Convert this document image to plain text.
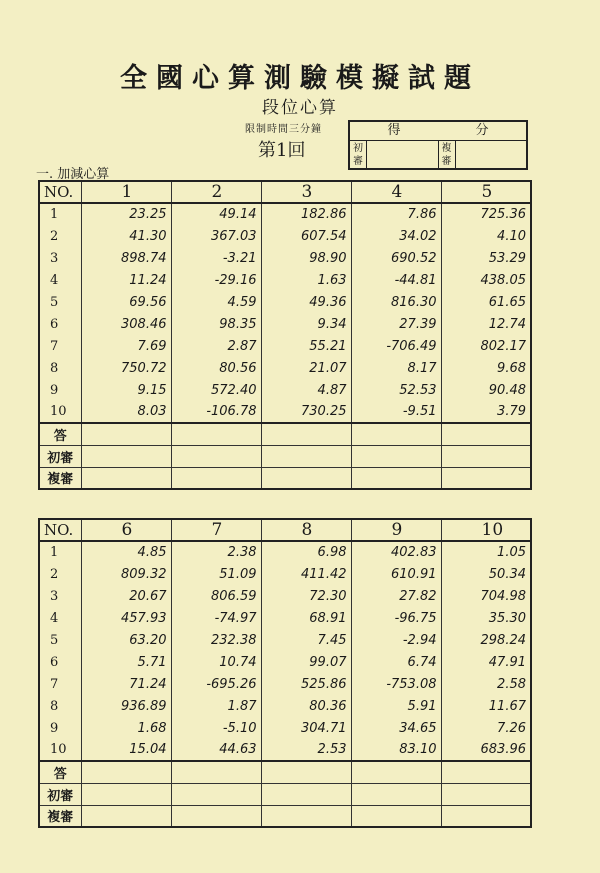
全國心算測驗模擬試題
段位心算
限制時間三分鐘
第1回
得	分
初審
複審
一. 加減心算
NO.	1	2	3	4	5
1	23.25	49.14	182.86	7.86	725.36
2	41.30	367.03	607.54	34.02	4.10
3	898.74	-3.21	98.90	690.52	53.29
4	11.24	-29.16	1.63	-44.81	438.05
5	69.56	4.59	49.36	816.30	61.65
6	308.46	98.35	9.34	27.39	12.74
7	7.69	2.87	55.21	-706.49	802.17
8	750.72	80.56	21.07	8.17	9.68
9	9.15	572.40	4.87	52.53	90.48
10	8.03	-106.78	730.25	-9.51	3.79
答					
初審					
複審					
NO.	6	7	8	9	10
1	4.85	2.38	6.98	402.83	1.05
2	809.32	51.09	411.42	610.91	50.34
3	20.67	806.59	72.30	27.82	704.98
4	457.93	-74.97	68.91	-96.75	35.30
5	63.20	232.38	7.45	-2.94	298.24
6	5.71	10.74	99.07	6.74	47.91
7	71.24	-695.26	525.86	-753.08	2.58
8	936.89	1.87	80.36	5.91	11.67
9	1.68	-5.10	304.71	34.65	7.26
10	15.04	44.63	2.53	83.10	683.96
答					
初審					
複審					
